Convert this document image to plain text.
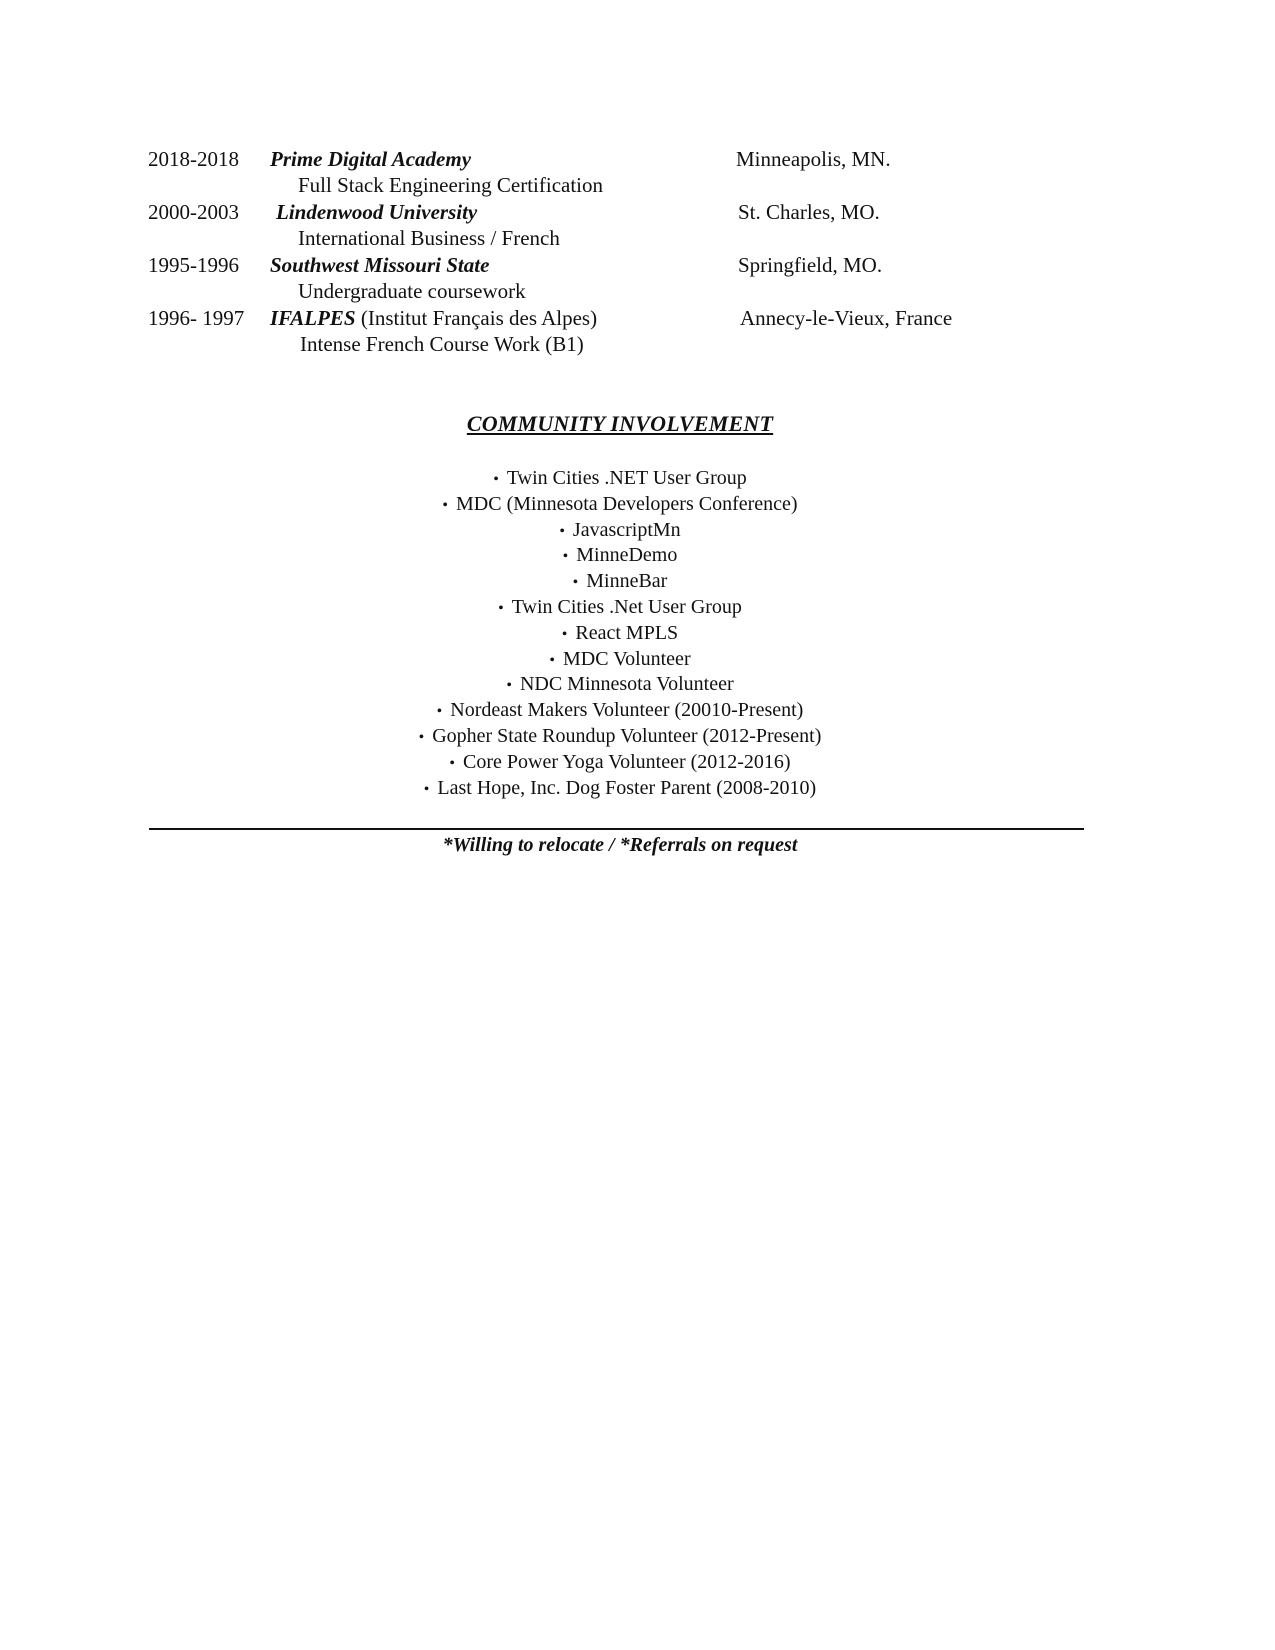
2018-2018 Prime Digital Academy	Minneapolis, MN.
Full Stack Engineering Certification
2000-2003 Lindenwood University	St. Charles, MO.
International Business / French
1995-1996 Southwest Missouri State	Springfield, MO.
Undergraduate coursework
1996- 1997 IFALPES (Institut Français des Alpes)	Annecy-le-Vieux, France
Intense French Course Work (B1)
COMMUNITY INVOLVEMENT
• Twin Cities .NET User Group
• MDC (Minnesota Developers Conference)
• JavascriptMn
• MinneDemo
• MinneBar
• Twin Cities .Net User Group
• React MPLS
• MDC Volunteer
• NDC Minnesota Volunteer
• Nordeast Makers Volunteer (20010-Present)
• Gopher State Roundup Volunteer (2012-Present)
• Core Power Yoga Volunteer (2012-2016)
• Last Hope, Inc. Dog Foster Parent (2008-2010)
*Willing to relocate / *Referrals on request
